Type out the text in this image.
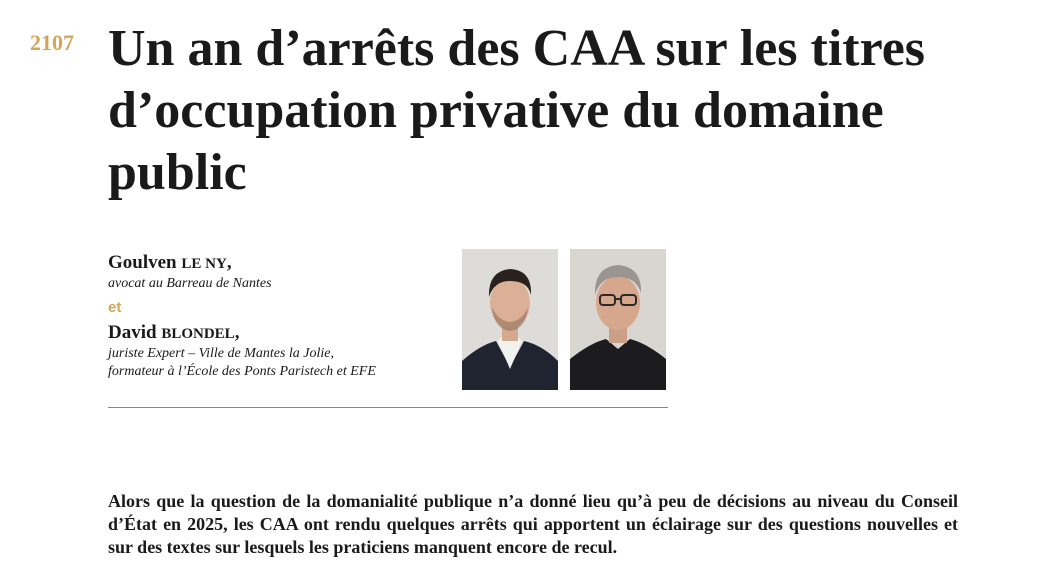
2107 Un an d’arrêts des CAA sur les titres d’occupation privative du domaine public
Goulven LE NY,
avocat au Barreau de Nantes
et
David BLONDEL,
juriste Expert – Ville de Mantes la Jolie,
formateur à l’École des Ponts Paristech et EFE

Alors que la question de la domanialité publique n’a donné lieu qu’à peu de décisions au niveau du Conseil d’État en 2025, les CAA ont rendu quelques arrêts qui apportent un éclairage sur des questions nouvelles et sur des textes sur lesquels les praticiens manquent encore de recul.
